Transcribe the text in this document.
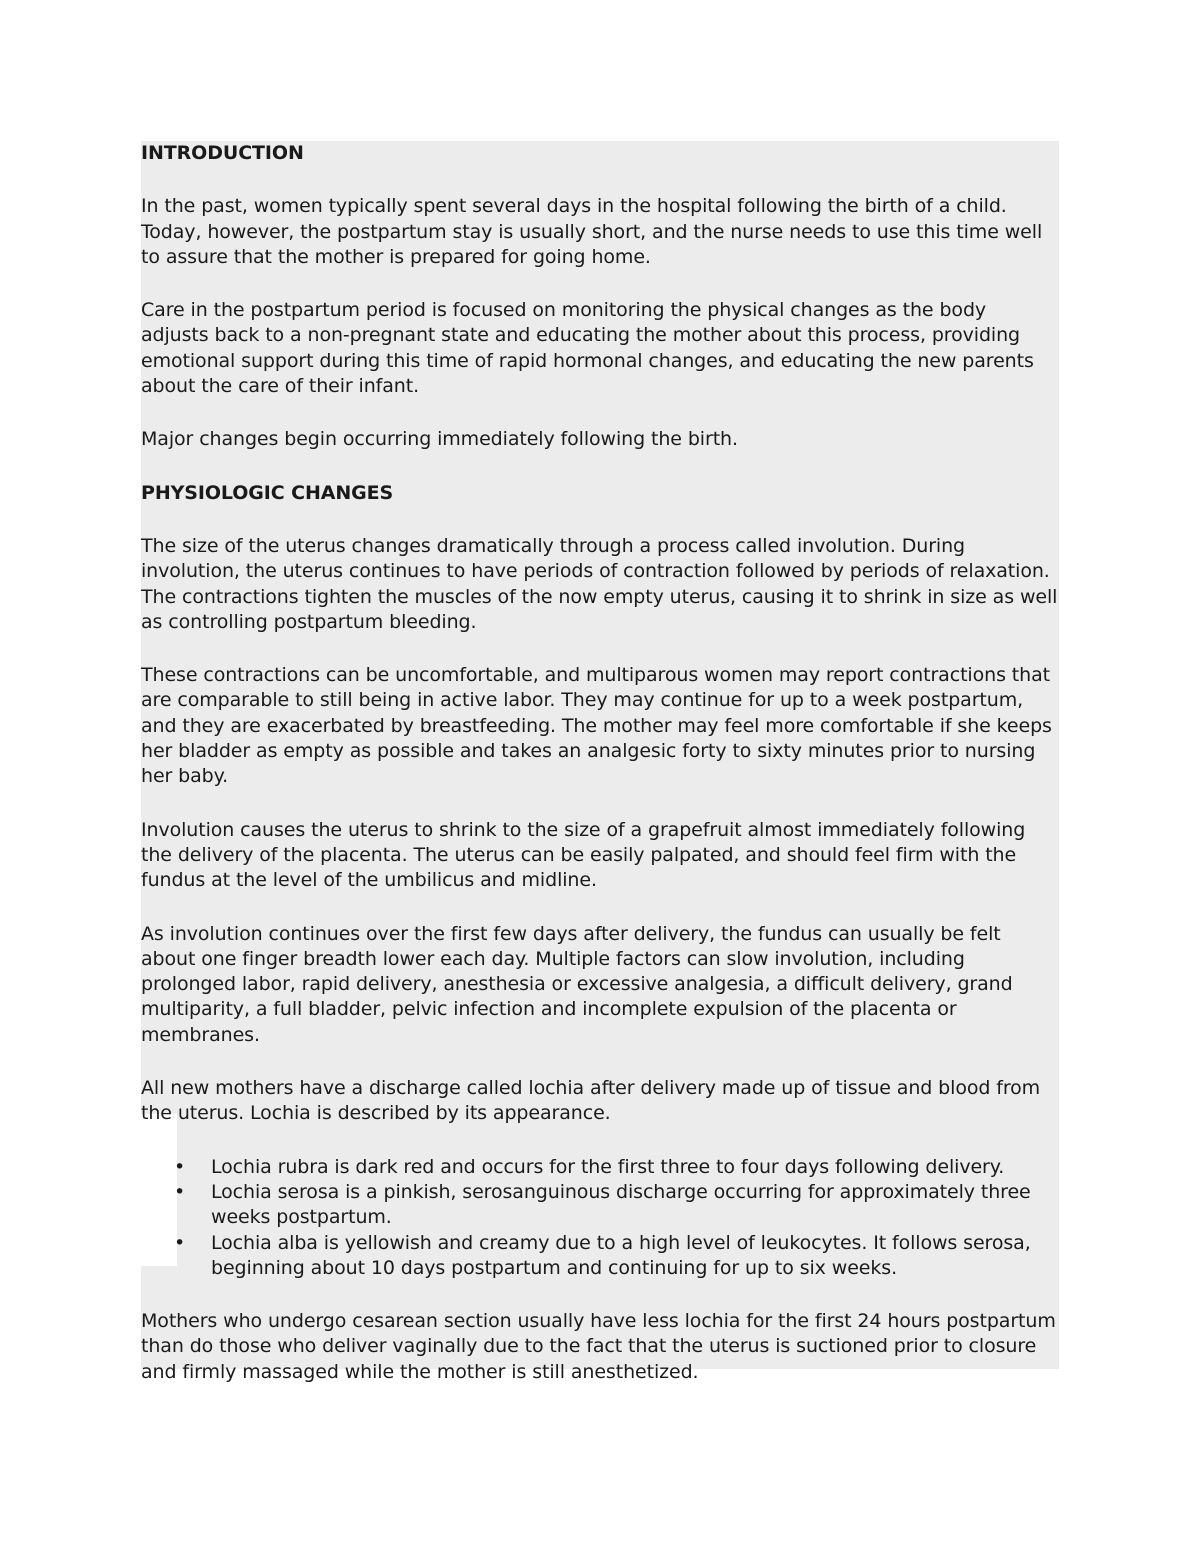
INTRODUCTION

In the past, women typically spent several days in the hospital following the birth of a child. Today, however, the postpartum stay is usually short, and the nurse needs to use this time well to assure that the mother is prepared for going home.

Care in the postpartum period is focused on monitoring the physical changes as the body adjusts back to a non-pregnant state and educating the mother about this process, providing emotional support during this time of rapid hormonal changes, and educating the new parents about the care of their infant.

Major changes begin occurring immediately following the birth.

PHYSIOLOGIC CHANGES

The size of the uterus changes dramatically through a process called involution. During involution, the uterus continues to have periods of contraction followed by periods of relaxation. The contractions tighten the muscles of the now empty uterus, causing it to shrink in size as well as controlling postpartum bleeding.

These contractions can be uncomfortable, and multiparous women may report contractions that are comparable to still being in active labor. They may continue for up to a week postpartum, and they are exacerbated by breastfeeding. The mother may feel more comfortable if she keeps her bladder as empty as possible and takes an analgesic forty to sixty minutes prior to nursing her baby.

Involution causes the uterus to shrink to the size of a grapefruit almost immediately following the delivery of the placenta. The uterus can be easily palpated, and should feel firm with the fundus at the level of the umbilicus and midline.

As involution continues over the first few days after delivery, the fundus can usually be felt about one finger breadth lower each day. Multiple factors can slow involution, including prolonged labor, rapid delivery, anesthesia or excessive analgesia, a difficult delivery, grand multiparity, a full bladder, pelvic infection and incomplete expulsion of the placenta or membranes.

All new mothers have a discharge called lochia after delivery made up of tissue and blood from the uterus. Lochia is described by its appearance.

• Lochia rubra is dark red and occurs for the first three to four days following delivery.
• Lochia serosa is a pinkish, serosanguinous discharge occurring for approximately three weeks postpartum.
• Lochia alba is yellowish and creamy due to a high level of leukocytes. It follows serosa, beginning about 10 days postpartum and continuing for up to six weeks.

Mothers who undergo cesarean section usually have less lochia for the first 24 hours postpartum than do those who deliver vaginally due to the fact that the uterus is suctioned prior to closure and firmly massaged while the mother is still anesthetized.
